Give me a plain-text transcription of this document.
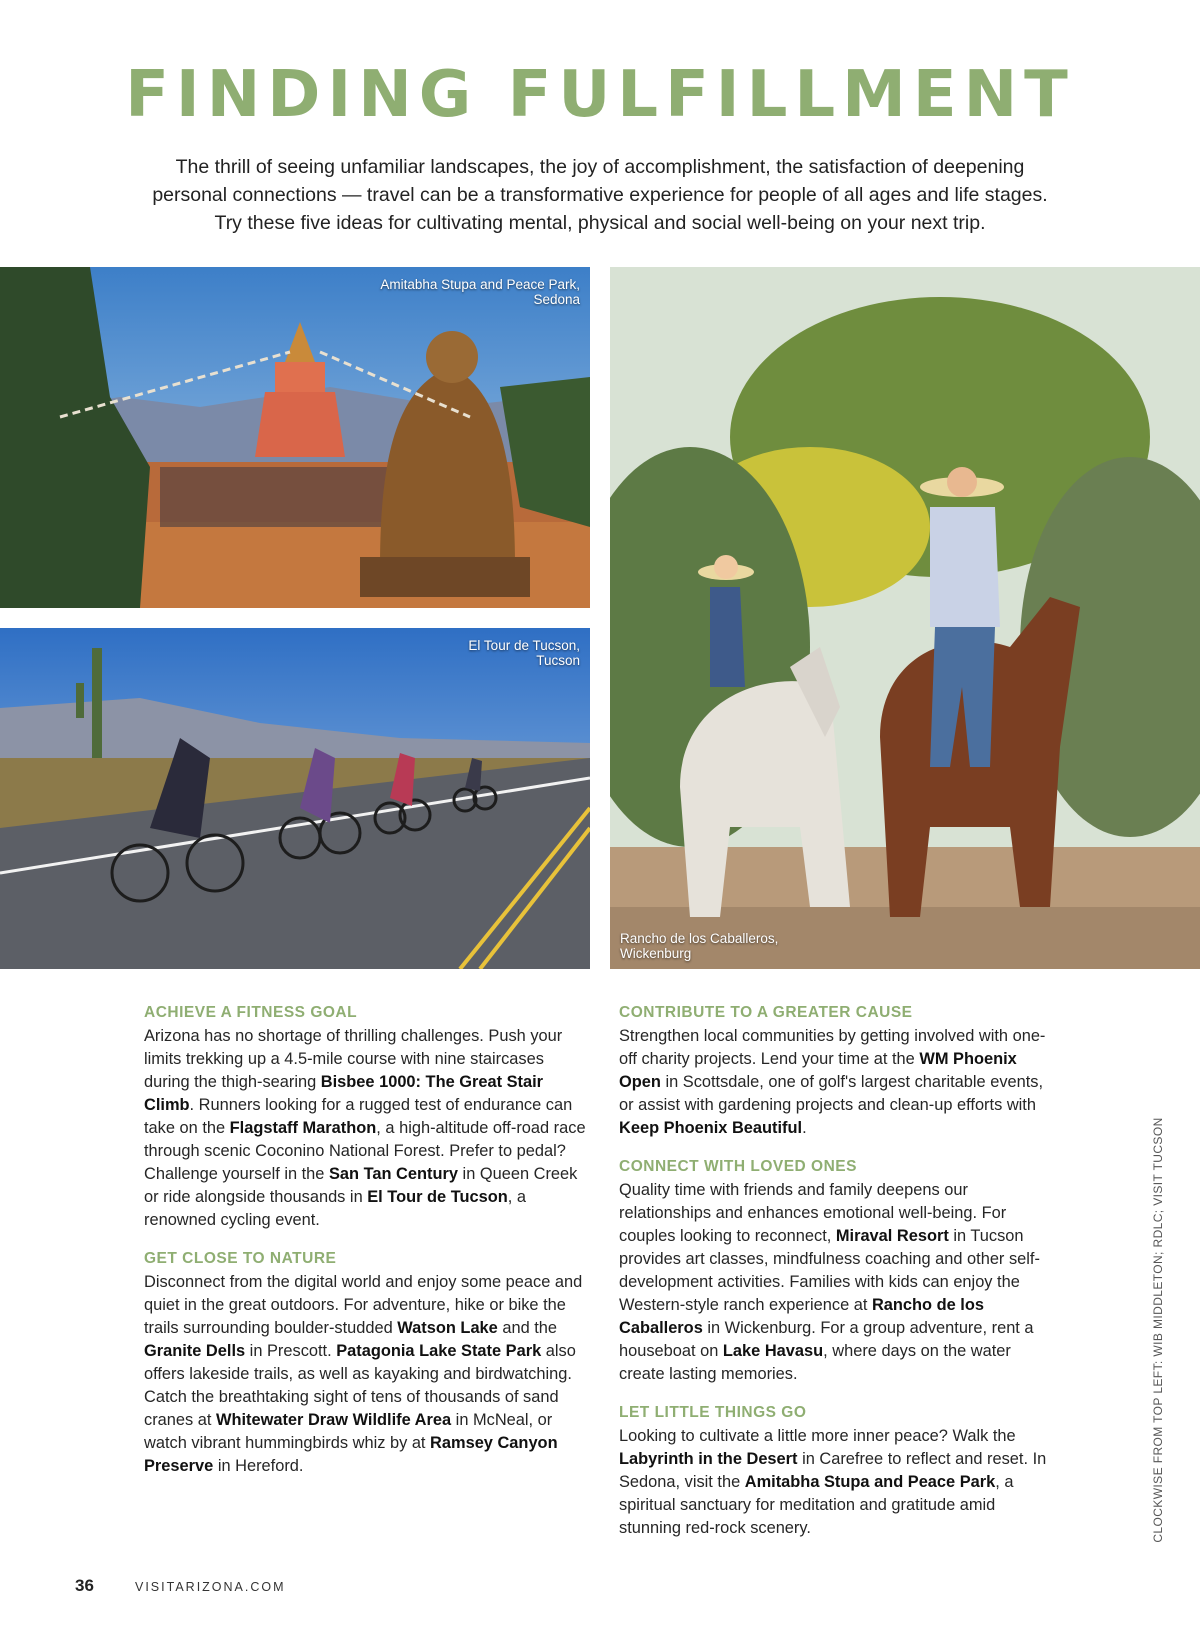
FINDING FULFILLMENT

The thrill of seeing unfamiliar landscapes, the joy of accomplishment, the satisfaction of deepening personal connections — travel can be a transformative experience for people of all ages and life stages. Try these five ideas for cultivating mental, physical and social well-being on your next trip.

Amitabha Stupa and Peace Park,
Sedona
El Tour de Tucson,
Tucson
Rancho de los Caballeros,
Wickenburg
ACHIEVE A FITNESS GOAL

Arizona has no shortage of thrilling challenges. Push your limits trekking up a 4.5-mile course with nine staircases during the thigh-searing Bisbee 1000: The Great Stair Climb. Runners looking for a rugged test of endurance can take on the Flagstaff Marathon, a high-altitude off-road race through scenic Coconino National Forest. Prefer to pedal? Challenge yourself in the San Tan Century in Queen Creek or ride alongside thousands in El Tour de Tucson, a renowned cycling event.

GET CLOSE TO NATURE

Disconnect from the digital world and enjoy some peace and quiet in the great outdoors. For adventure, hike or bike the trails surrounding boulder-studded Watson Lake and the Granite Dells in Prescott. Patagonia Lake State Park also offers lakeside trails, as well as kayaking and birdwatching. Catch the breathtaking sight of tens of thousands of sand cranes at Whitewater Draw Wildlife Area in McNeal, or watch vibrant hummingbirds whiz by at Ramsey Canyon Preserve in Hereford.

CONTRIBUTE TO A GREATER CAUSE

Strengthen local communities by getting involved with one-off charity projects. Lend your time at the WM Phoenix Open in Scottsdale, one of golf's largest charitable events, or assist with gardening projects and clean-up efforts with Keep Phoenix Beautiful.

CONNECT WITH LOVED ONES

Quality time with friends and family deepens our relationships and enhances emotional well-being. For couples looking to reconnect, Miraval Resort in Tucson provides art classes, mindfulness coaching and other self-development activities. Families with kids can enjoy the Western-style ranch experience at Rancho de los Caballeros in Wickenburg. For a group adventure, rent a houseboat on Lake Havasu, where days on the water create lasting memories.

LET LITTLE THINGS GO

Looking to cultivate a little more inner peace? Walk the Labyrinth in the Desert in Carefree to reflect and reset. In Sedona, visit the Amitabha Stupa and Peace Park, a spiritual sanctuary for meditation and gratitude amid stunning red-rock scenery.	CLOCKWISE FROM TOP LEFT: WIB MIDDLETON; RDLC; VISIT TUCSON
36	VISITARIZONA.COM
